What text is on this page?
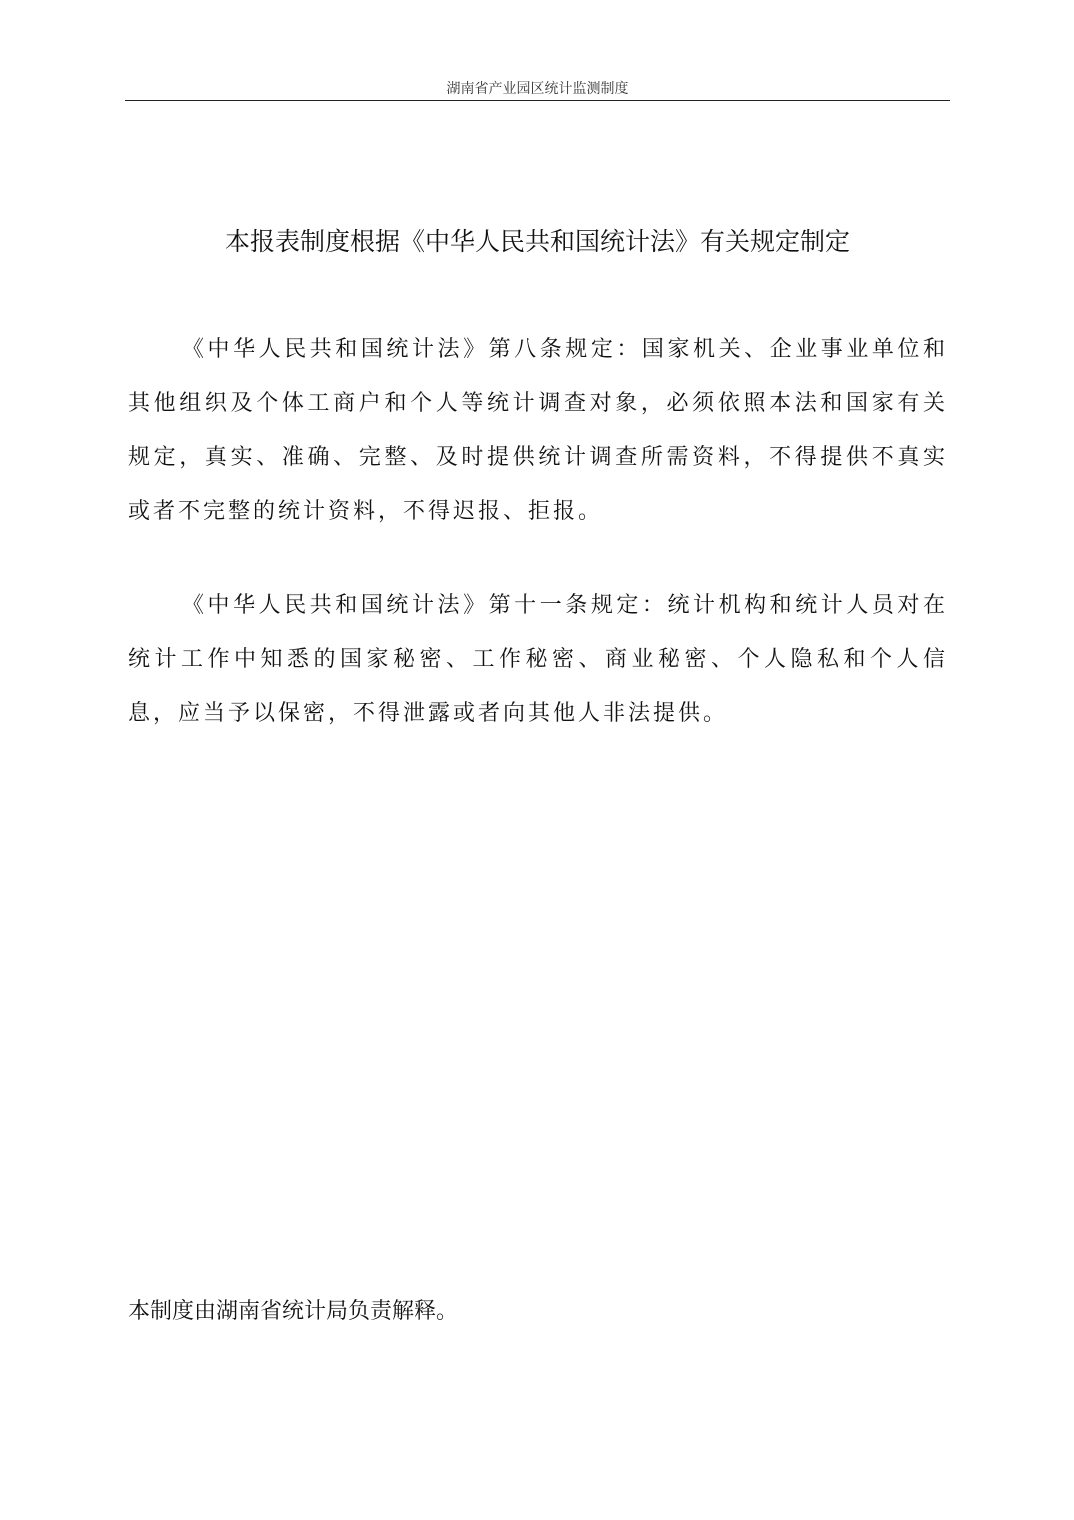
湖南省产业园区统计监测制度
本报表制度根据《中华人民共和国统计法》有关规定制定

《中华人民共和国统计法》第八条规定：国家机关、企业事业单位和其他组织及个体工商户和个人等统计调查对象，必须依照本法和国家有关规定，真实、准确、完整、及时提供统计调查所需资料，不得提供不真实或者不完整的统计资料，不得迟报、拒报。

《中华人民共和国统计法》第十一条规定：统计机构和统计人员对在统计工作中知悉的国家秘密、工作秘密、商业秘密、个人隐私和个人信息，应当予以保密，不得泄露或者向其他人非法提供。

本制度由湖南省统计局负责解释。
